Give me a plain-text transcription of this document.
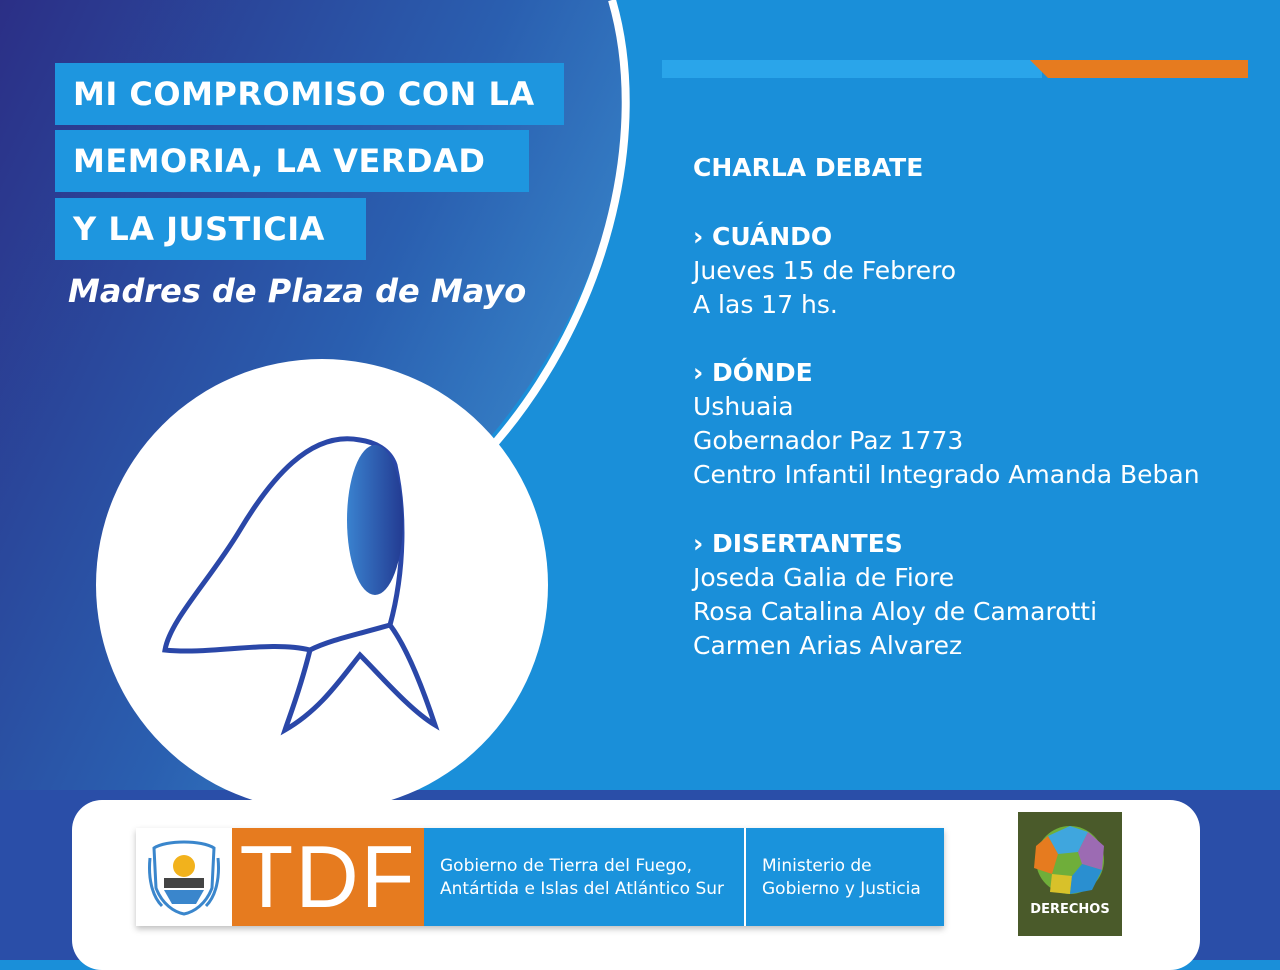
MI COMPROMISO CON LA
MEMORIA, LA VERDAD
Y LA JUSTICIA
Madres de Plaza de Mayo
CHARLA DEBATE
› CUÁNDO
Jueves 15 de Febrero
A las 17 hs.
› DÓNDE
Ushuaia
Gobernador Paz 1773
Centro Infantil Integrado Amanda Beban
› DISERTANTES
Joseda Galia de Fiore
Rosa Catalina Aloy de Camarotti
Carmen Arias Alvarez
TDF	Gobierno de Tierra del Fuego,
Antártida e Islas del Atlántico Sur
Ministerio de
Gobierno y Justicia
DERECHOS
